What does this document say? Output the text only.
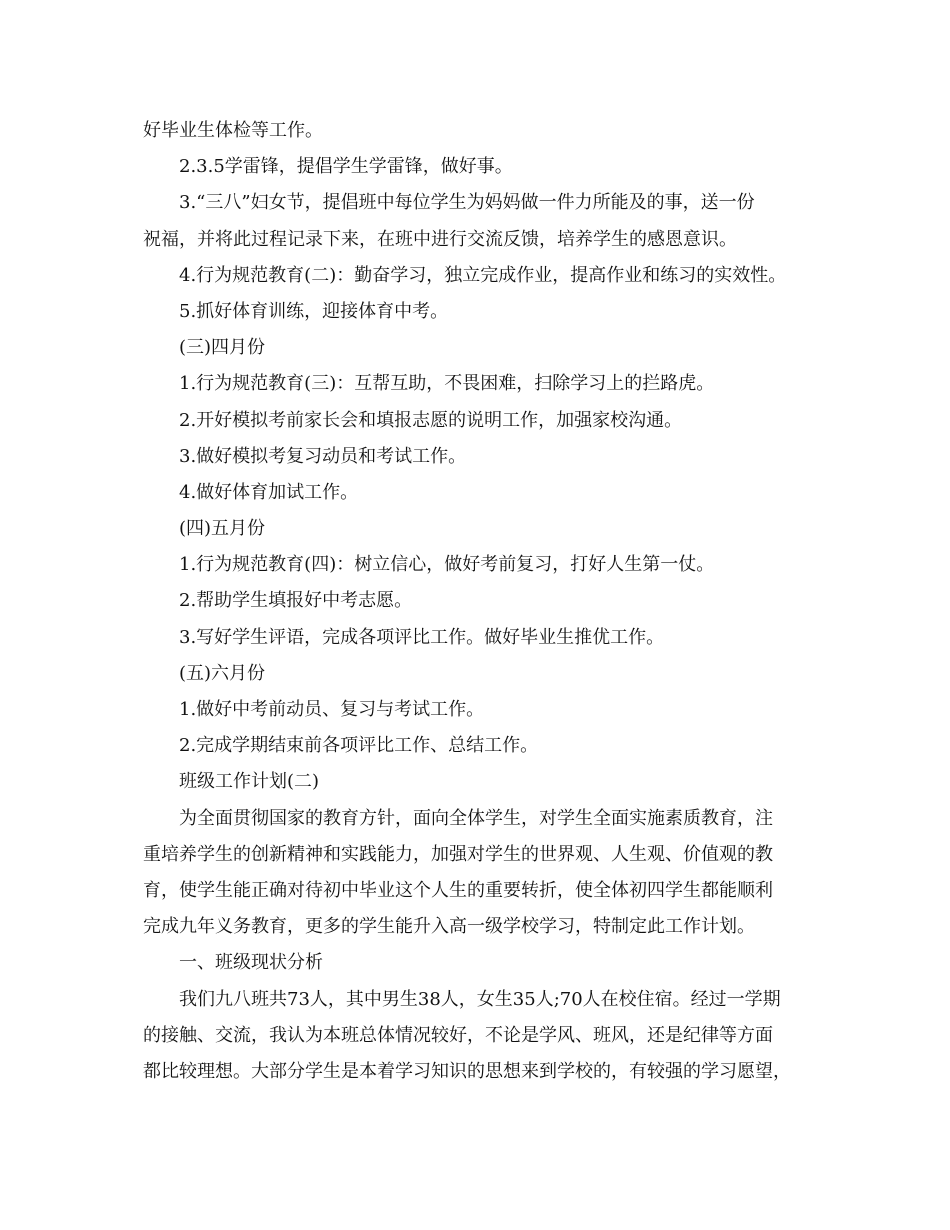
好毕业生体检等工作。
2.3.5学雷锋，提倡学生学雷锋，做好事。
3.“三八”妇女节，提倡班中每位学生为妈妈做一件力所能及的事，送一份
祝福，并将此过程记录下来，在班中进行交流反馈，培养学生的感恩意识。
4.行为规范教育(二)：勤奋学习，独立完成作业，提高作业和练习的实效性。
5.抓好体育训练，迎接体育中考。
(三)四月份
1.行为规范教育(三)：互帮互助，不畏困难，扫除学习上的拦路虎。
2.开好模拟考前家长会和填报志愿的说明工作，加强家校沟通。
3.做好模拟考复习动员和考试工作。
4.做好体育加试工作。
(四)五月份
1.行为规范教育(四)：树立信心，做好考前复习，打好人生第一仗。
2.帮助学生填报好中考志愿。
3.写好学生评语，完成各项评比工作。做好毕业生推优工作。
(五)六月份
1.做好中考前动员、复习与考试工作。
2.完成学期结束前各项评比工作、总结工作。
班级工作计划(二)
为全面贯彻国家的教育方针，面向全体学生，对学生全面实施素质教育，注
重培养学生的创新精神和实践能力，加强对学生的世界观、人生观、价值观的教
育，使学生能正确对待初中毕业这个人生的重要转折，使全体初四学生都能顺利
完成九年义务教育，更多的学生能升入高一级学校学习，特制定此工作计划。
一、班级现状分析
我们九八班共73人，其中男生38人，女生35人;70人在校住宿。经过一学期
的接触、交流，我认为本班总体情况较好，不论是学风、班风，还是纪律等方面
都比较理想。大部分学生是本着学习知识的思想来到学校的，有较强的学习愿望，
